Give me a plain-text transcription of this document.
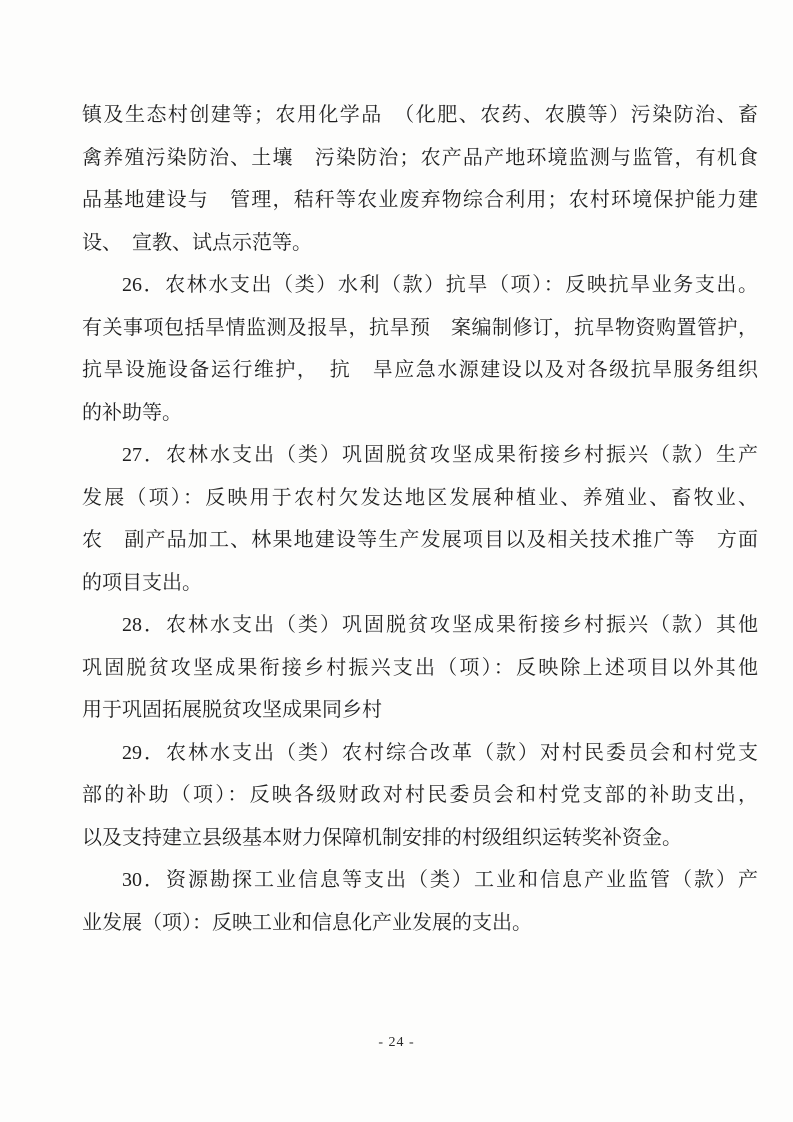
镇及生态村创建等；农用化学品　（化肥、农药、农膜等）污染防治、畜
禽养殖污染防治、土壤　污染防治；农产品产地环境监测与监管，有机食
品基地建设与　管理，秸秆等农业废弃物综合利用；农村环境保护能力建
设、　宣教、试点示范等。
26．农林水支出（类）水利（款）抗旱（项）：反映抗旱业务支出。
有关事项包括旱情监测及报旱，抗旱预　案编制修订，抗旱物资购置管护，
抗旱设施设备运行维护，　抗　旱应急水源建设以及对各级抗旱服务组织
的补助等。
27．农林水支出（类）巩固脱贫攻坚成果衔接乡村振兴（款）生产
发展（项）：反映用于农村欠发达地区发展种植业、养殖业、畜牧业、
农　副产品加工、林果地建设等生产发展项目以及相关技术推广等　方面
的项目支出。
28．农林水支出（类）巩固脱贫攻坚成果衔接乡村振兴（款）其他
巩固脱贫攻坚成果衔接乡村振兴支出（项）：反映除上述项目以外其他
用于巩固拓展脱贫攻坚成果同乡村
29．农林水支出（类）农村综合改革（款）对村民委员会和村党支
部的补助（项）：反映各级财政对村民委员会和村党支部的补助支出，
以及支持建立县级基本财力保障机制安排的村级组织运转奖补资金。
30．资源勘探工业信息等支出（类）工业和信息产业监管（款）产
业发展（项）：反映工业和信息化产业发展的支出。
- 24 -
